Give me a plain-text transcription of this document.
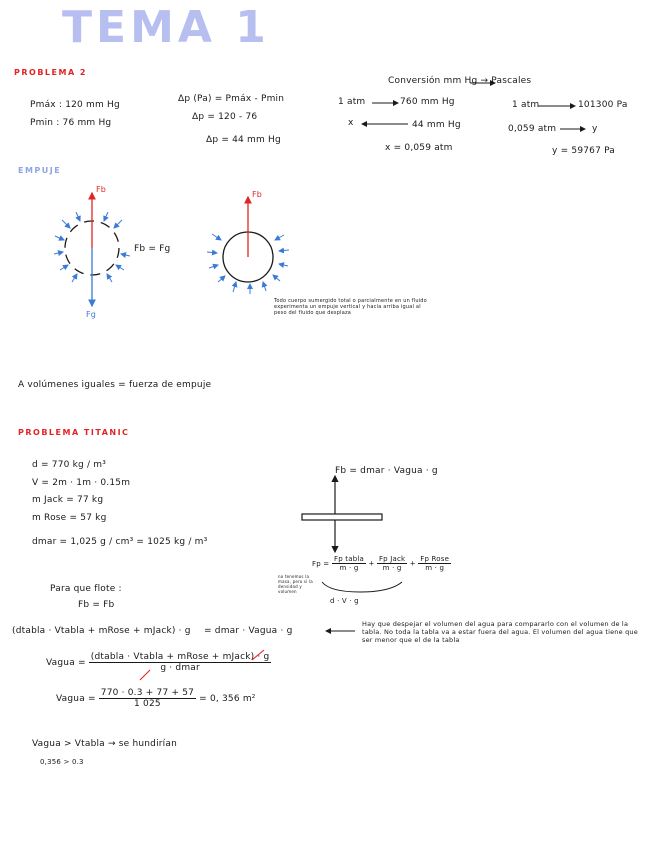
TEMA 1
PROBLEMA 2
Pmáx : 120 mm Hg
Pmin : 76 mm Hg
Δp (Pa) = Pmáx - Pmin
Δp = 120 - 76
Δp = 44 mm Hg
Conversión mm Hg → Pascales
1 atm	760 mm Hg
x	44 mm Hg
x = 0,059 atm
1 atm	101300 Pa
0,059 atm	y
y = 59767 Pa
EMPUJE
Fb
Fg
Fb = Fg
Fb
Todo cuerpo sumergido total o parcialmente en un fluido experimenta un empuje vertical y hacia arriba igual al peso del fluido que desplaza
A volúmenes iguales = fuerza de empuje
PROBLEMA TITANIC
d = 770 kg / m³
V = 2m · 1m · 0.15m
m Jack = 77 kg
m Rose = 57 kg
dmar = 1,025 g / cm³ = 1025 kg / m³
Fb = dmar · Vagua · g
$Fp = \frac{\text{Fp tabla}}{m \cdot g} + \frac{\text{Fp Jack}}{m \cdot g} + \frac{\text{Fp Rose}}{m \cdot g}$
d · V · g
no tenemos la masa, pero si la densidad y volumen
Para que flote :
Fb = Fb
(dtabla · Vtabla + mRose + mJack) · g = dmar · Vagua · g
Hay que despejar el volumen del agua para compararlo con el volumen de la tabla. No toda la tabla va a estar fuera del agua. El volumen del agua tiene que ser menor que el de la tabla
Vagua = $\frac{\text{(dtabla · Vtabla + mRose + mJack) · g}}{\text{g · dmar}}$
Vagua = $\frac{770 \cdot 0.3 + 77 + 57}{1 025} = 0$, 356 m²
Vagua > Vtabla → se hundirían
0,356 > 0.3
